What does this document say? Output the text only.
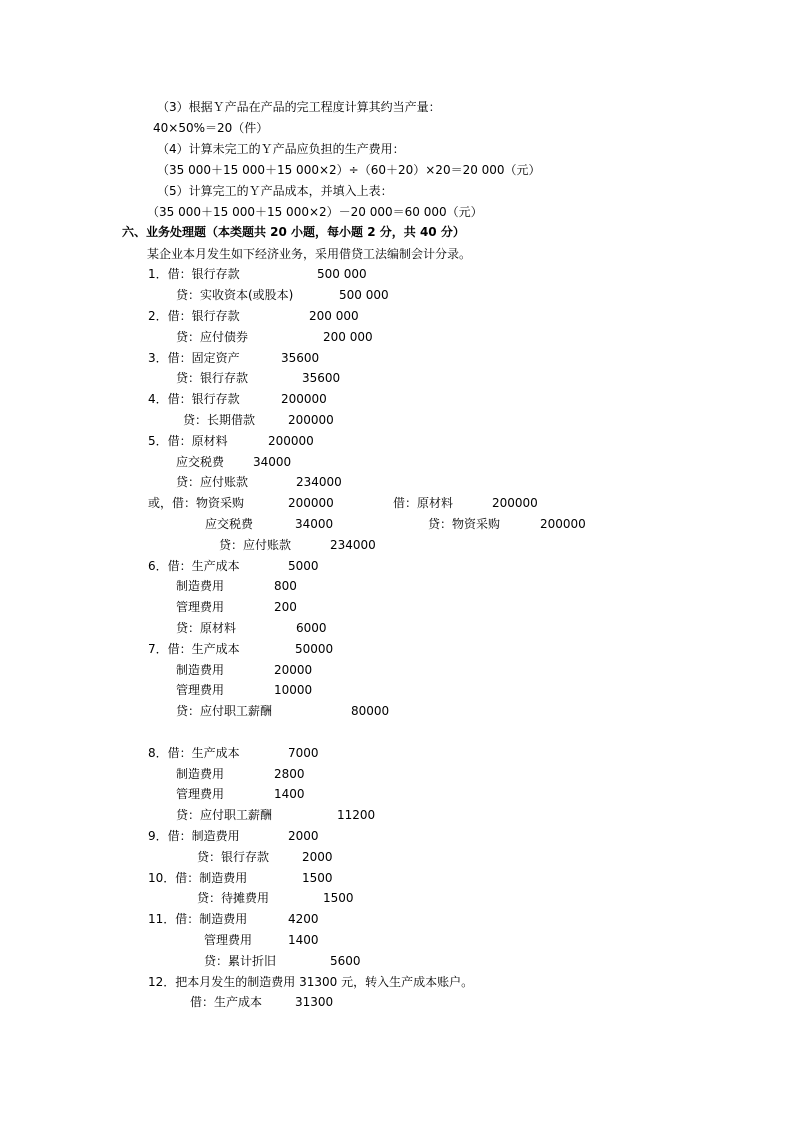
（3）根据Ｙ产品在产品的完工程度计算其约当产量：
40×50%＝20（件）
（4）计算未完工的Ｙ产品应负担的生产费用：
（35 000＋15 000＋15 000×2）÷（60＋20）×20＝20 000（元）
（5）计算完工的Ｙ产品成本，并填入上表：
（35 000＋15 000＋15 000×2）－20 000＝60 000（元）
六、业务处理题（本类题共 20 小题，每小题 2 分，共 40 分）
某企业本月发生如下经济业务，采用借贷工法编制会计分录。
1．借：银行存款	500 000
贷：实收资本(或股本)	500 000
2．借：银行存款	200 000
贷：应付债券	200 000
3．借：固定资产	35600
贷：银行存款	35600
4．借：银行存款	200000
贷：长期借款	200000
5．借：原材料	200000
应交税费 34000
贷：应付账款	234000
或，借：物资采购	200000	借：原材料	200000
应交税费	34000	贷：物资采购	200000
贷：应付账款	234000
6．借：生产成本	5000
制造费用	800
管理费用	200
贷：原材料	6000
7．借：生产成本	50000
制造费用	20000
管理费用	10000
贷：应付职工薪酬	80000
8．借：生产成本	7000
制造费用	2800
管理费用	1400
贷：应付职工薪酬	11200
9．借：制造费用	2000
贷：银行存款	2000
10．借：制造费用	1500
贷：待摊费用	1500
11．借：制造费用	4200
管理费用	1400
贷：累计折旧	5600
12．把本月发生的制造费用 31300 元，转入生产成本账户。
借：生产成本	31300
